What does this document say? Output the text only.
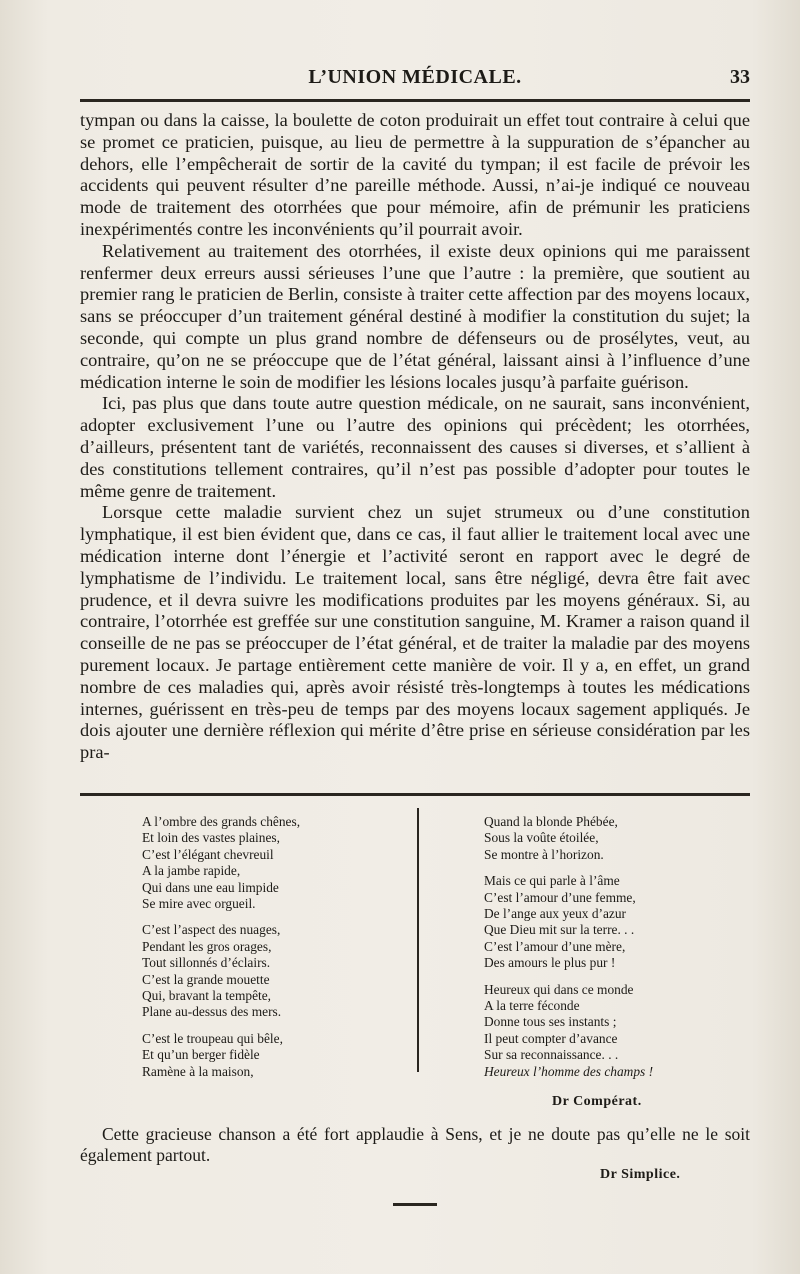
L’UNION MÉDICALE.	33

tympan ou dans la caisse, la boulette de coton produirait un effet tout contraire à celui que se promet ce praticien, puisque, au lieu de permettre à la suppuration de s’épancher au dehors, elle l’empêcherait de sortir de la cavité du tympan; il est facile de prévoir les accidents qui peuvent résulter d’ne pareille méthode. Aussi, n’ai-je indiqué ce nouveau mode de traitement des otorrhées que pour mémoire, afin de prémunir les praticiens inexpérimentés contre les inconvénients qu’il pourrait avoir.

Relativement au traitement des otorrhées, il existe deux opinions qui me paraissent renfermer deux erreurs aussi sérieuses l’une que l’autre : la première, que soutient au premier rang le praticien de Berlin, consiste à traiter cette affection par des moyens locaux, sans se préoccuper d’un traitement général destiné à modifier la constitution du sujet; la seconde, qui compte un plus grand nombre de défenseurs ou de prosélytes, veut, au contraire, qu’on ne se préoccupe que de l’état général, laissant ainsi à l’influence d’une médication interne le soin de modifier les lésions locales jusqu’à parfaite guérison.

Ici, pas plus que dans toute autre question médicale, on ne saurait, sans inconvénient, adopter exclusivement l’une ou l’autre des opinions qui précèdent; les otorrhées, d’ailleurs, présentent tant de variétés, reconnaissent des causes si diverses, et s’allient à des constitutions tellement contraires, qu’il n’est pas possible d’adopter pour toutes le même genre de traitement.

Lorsque cette maladie survient chez un sujet strumeux ou d’une constitution lymphatique, il est bien évident que, dans ce cas, il faut allier le traitement local avec une médication interne dont l’énergie et l’activité seront en rapport avec le degré de lymphatisme de l’individu. Le traitement local, sans être négligé, devra être fait avec prudence, et il devra suivre les modifications produites par les moyens généraux. Si, au contraire, l’otorrhée est greffée sur une constitution sanguine, M. Kramer a raison quand il conseille de ne pas se préoccuper de l’état général, et de traiter la maladie par des moyens purement locaux. Je partage entièrement cette manière de voir. Il y a, en effet, un grand nombre de ces maladies qui, après avoir résisté très-longtemps à toutes les médications internes, guérissent en très-peu de temps par des moyens locaux sagement appliqués. Je dois ajouter une dernière réflexion qui mérite d’être prise en sérieuse considération par les pra-

A l’ombre des grands chênes,
Et loin des vastes plaines,
C’est l’élégant chevreuil
A la jambe rapide,
Qui dans une eau limpide
Se mire avec orgueil.
C’est l’aspect des nuages,
Pendant les gros orages,
Tout sillonnés d’éclairs.
C’est la grande mouette
Qui, bravant la tempête,
Plane au-dessus des mers.
C’est le troupeau qui bêle,
Et qu’un berger fidèle
Ramène à la maison,
Quand la blonde Phébée,
Sous la voûte étoilée,
Se montre à l’horizon.
Mais ce qui parle à l’âme
C’est l’amour d’une femme,
De l’ange aux yeux d’azur
Que Dieu mit sur la terre. . .
C’est l’amour d’une mère,
Des amours le plus pur !
Heureux qui dans ce monde
A la terre féconde
Donne tous ses instants ;
Il peut compter d’avance
Sur sa reconnaissance. . .
Heureux l’homme des champs !
Dr Compérat.

Cette gracieuse chanson a été fort applaudie à Sens, et je ne doute pas qu’elle ne le soit également partout.

Dr Simplice.
